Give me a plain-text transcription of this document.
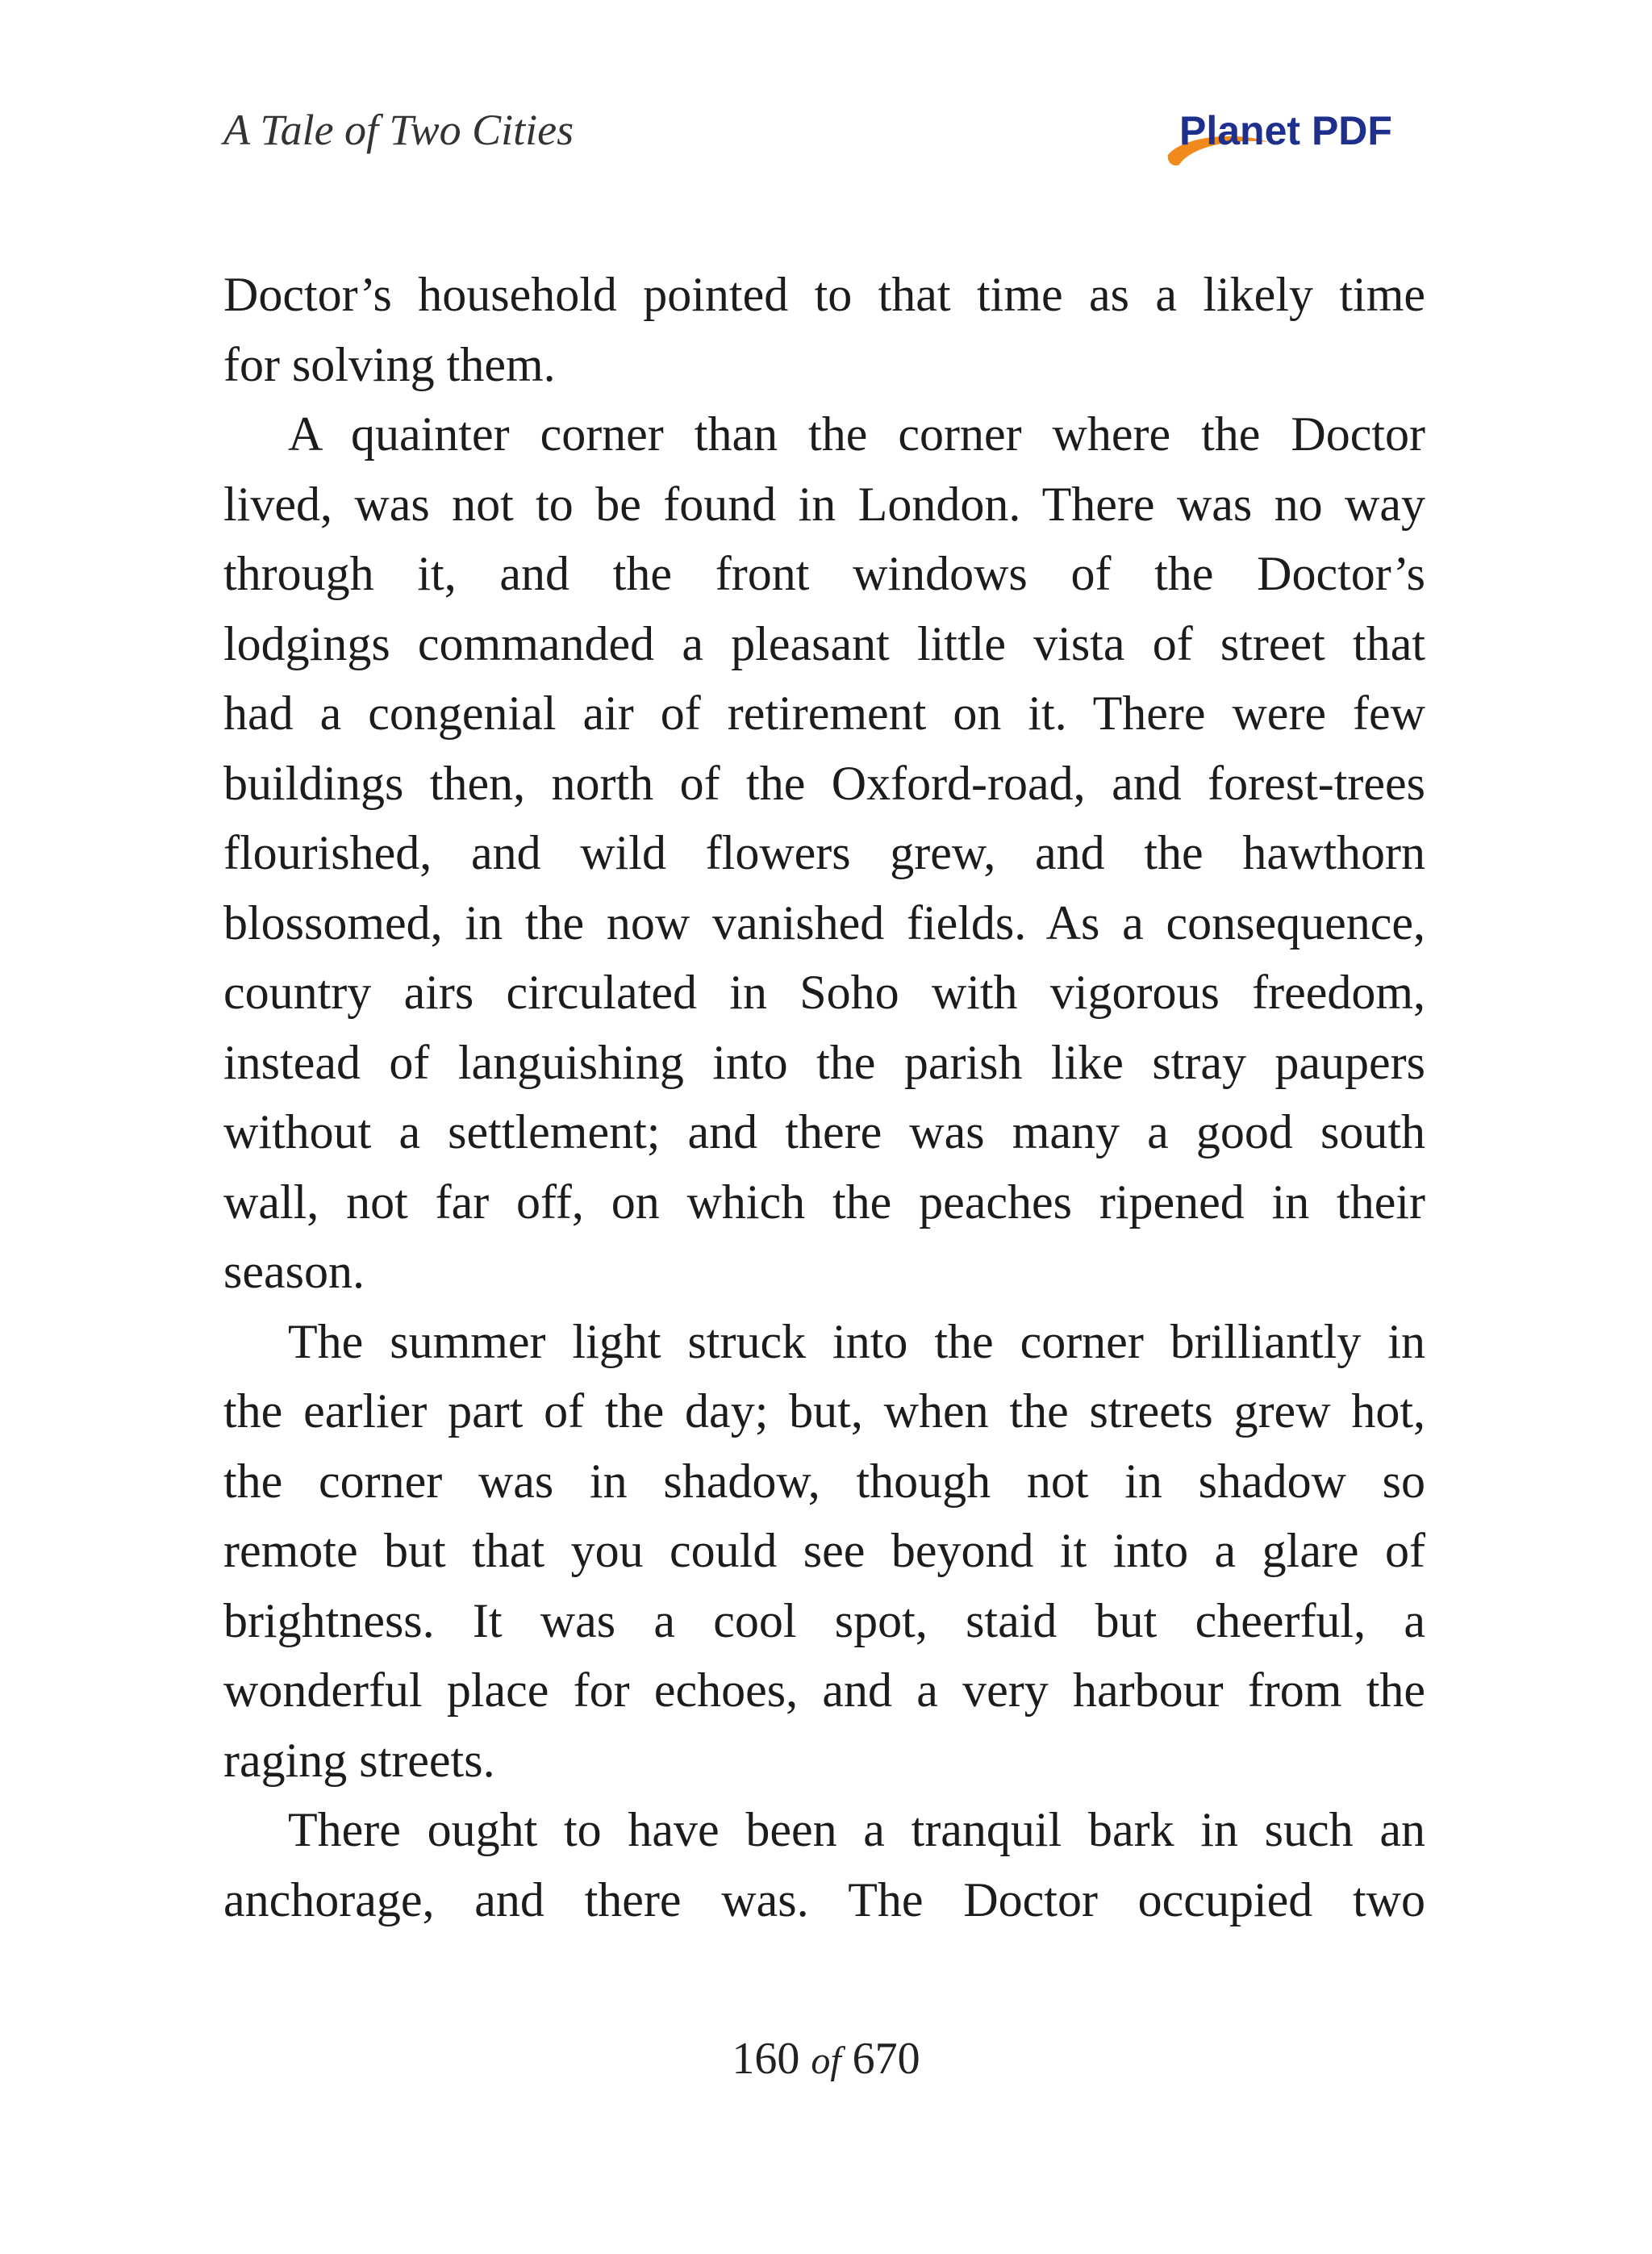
A Tale of Two Cities	Planet PDF
Doctor’s household pointed to that time as a likely time
for solving them.
A quainter corner than the corner where the Doctor
lived, was not to be found in London. There was no way
through it, and the front windows of the Doctor’s
lodgings commanded a pleasant little vista of street that
had a congenial air of retirement on it. There were few
buildings then, north of the Oxford-road, and forest-trees
flourished, and wild flowers grew, and the hawthorn
blossomed, in the now vanished fields. As a consequence,
country airs circulated in Soho with vigorous freedom,
instead of languishing into the parish like stray paupers
without a settlement; and there was many a good south
wall, not far off, on which the peaches ripened in their
season.
The summer light struck into the corner brilliantly in
the earlier part of the day; but, when the streets grew hot,
the corner was in shadow, though not in shadow so
remote but that you could see beyond it into a glare of
brightness. It was a cool spot, staid but cheerful, a
wonderful place for echoes, and a very harbour from the
raging streets.
There ought to have been a tranquil bark in such an
anchorage, and there was. The Doctor occupied two
160 of 670
